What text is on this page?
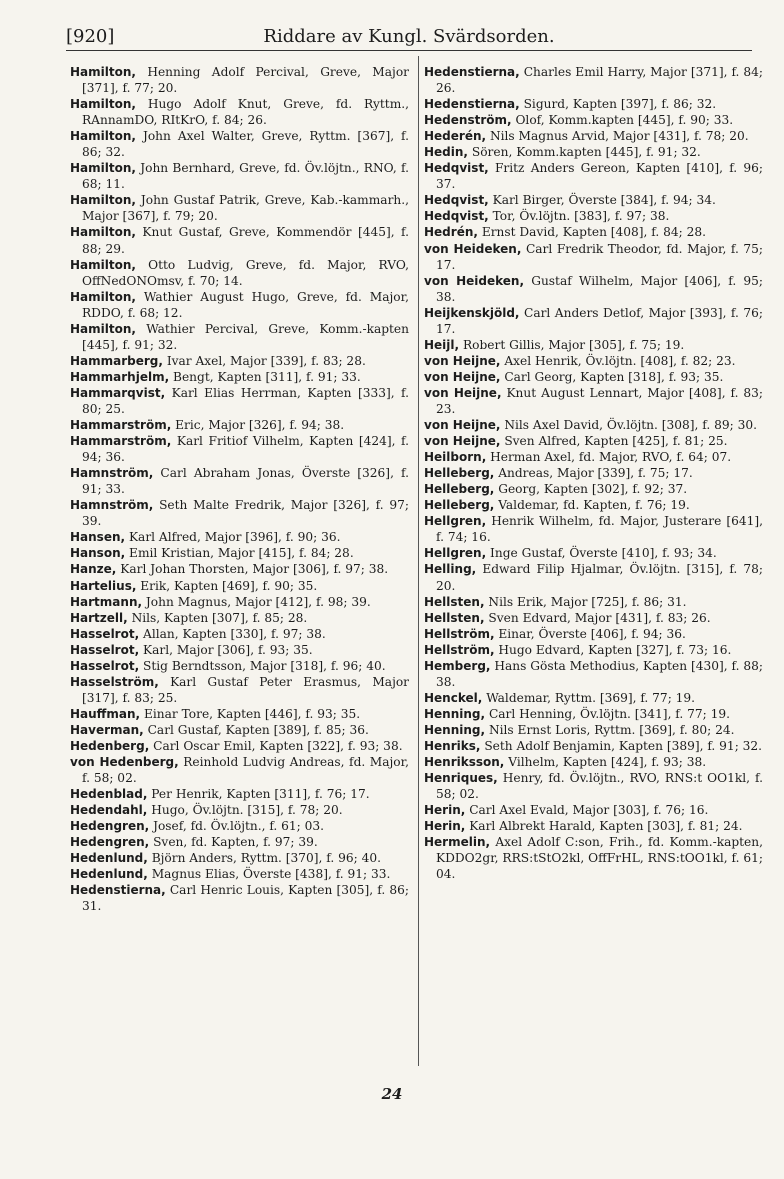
[920]	Riddare av Kungl. Svärdsorden.

Hamilton, Henning Adolf Percival, Greve, Major [371], f. 77; 20.

Hamilton, Hugo Adolf Knut, Greve, fd. Ryttm., RAnnamDO, RItKrO, f. 84; 26.

Hamilton, John Axel Walter, Greve, Ryttm. [367], f. 86; 32.

Hamilton, John Bernhard, Greve, fd. Öv.löjtn., RNO, f. 68; 11.

Hamilton, John Gustaf Patrik, Greve, Kab.-kammarh., Major [367], f. 79; 20.

Hamilton, Knut Gustaf, Greve, Kommendör [445], f. 88; 29.

Hamilton, Otto Ludvig, Greve, fd. Major, RVO, OffNedONOmsv, f. 70; 14.

Hamilton, Wathier August Hugo, Greve, fd. Major, RDDO, f. 68; 12.

Hamilton, Wathier Percival, Greve, Komm.-kapten [445], f. 91; 32.

Hammarberg, Ivar Axel, Major [339], f. 83; 28.

Hammarhjelm, Bengt, Kapten [311], f. 91; 33.

Hammarqvist, Karl Elias Herrman, Kapten [333], f. 80; 25.

Hammarström, Eric, Major [326], f. 94; 38.

Hammarström, Karl Fritiof Vilhelm, Kapten [424], f. 94; 36.

Hamnström, Carl Abraham Jonas, Överste [326], f. 91; 33.

Hamnström, Seth Malte Fredrik, Major [326], f. 97; 39.

Hansen, Karl Alfred, Major [396], f. 90; 36.

Hanson, Emil Kristian, Major [415], f. 84; 28.

Hanze, Karl Johan Thorsten, Major [306], f. 97; 38.

Hartelius, Erik, Kapten [469], f. 90; 35.

Hartmann, John Magnus, Major [412], f. 98; 39.

Hartzell, Nils, Kapten [307], f. 85; 28.

Hasselrot, Allan, Kapten [330], f. 97; 38.

Hasselrot, Karl, Major [306], f. 93; 35.

Hasselrot, Stig Berndtsson, Major [318], f. 96; 40.

Hasselström, Karl Gustaf Peter Erasmus, Major [317], f. 83; 25.

Hauffman, Einar Tore, Kapten [446], f. 93; 35.

Haverman, Carl Gustaf, Kapten [389], f. 85; 36.

Hedenberg, Carl Oscar Emil, Kapten [322], f. 93; 38.

von Hedenberg, Reinhold Ludvig Andreas, fd. Major, f. 58; 02.

Hedenblad, Per Henrik, Kapten [311], f. 76; 17.

Hedendahl, Hugo, Öv.löjtn. [315], f. 78; 20.

Hedengren, Josef, fd. Öv.löjtn., f. 61; 03.

Hedengren, Sven, fd. Kapten, f. 97; 39.

Hedenlund, Björn Anders, Ryttm. [370], f. 96; 40.

Hedenlund, Magnus Elias, Överste [438], f. 91; 33.

Hedenstierna, Carl Henric Louis, Kapten [305], f. 86; 31.

Hedenstierna, Charles Emil Harry, Major [371], f. 84; 26.

Hedenstierna, Sigurd, Kapten [397], f. 86; 32.

Hedenström, Olof, Komm.kapten [445], f. 90; 33.

Hederén, Nils Magnus Arvid, Major [431], f. 78; 20.

Hedin, Sören, Komm.kapten [445], f. 91; 32.

Hedqvist, Fritz Anders Gereon, Kapten [410], f. 96; 37.

Hedqvist, Karl Birger, Överste [384], f. 94; 34.

Hedqvist, Tor, Öv.löjtn. [383], f. 97; 38.

Hedrén, Ernst David, Kapten [408], f. 84; 28.

von Heideken, Carl Fredrik Theodor, fd. Major, f. 75; 17.

von Heideken, Gustaf Wilhelm, Major [406], f. 95; 38.

Heijkenskjöld, Carl Anders Detlof, Major [393], f. 76; 17.

Heijl, Robert Gillis, Major [305], f. 75; 19.

von Heijne, Axel Henrik, Öv.löjtn. [408], f. 82; 23.

von Heijne, Carl Georg, Kapten [318], f. 93; 35.

von Heijne, Knut August Lennart, Major [408], f. 83; 23.

von Heijne, Nils Axel David, Öv.löjtn. [308], f. 89; 30.

von Heijne, Sven Alfred, Kapten [425], f. 81; 25.

Heilborn, Herman Axel, fd. Major, RVO, f. 64; 07.

Helleberg, Andreas, Major [339], f. 75; 17.

Helleberg, Georg, Kapten [302], f. 92; 37.

Helleberg, Valdemar, fd. Kapten, f. 76; 19.

Hellgren, Henrik Wilhelm, fd. Major, Justerare [641], f. 74; 16.

Hellgren, Inge Gustaf, Överste [410], f. 93; 34.

Helling, Edward Filip Hjalmar, Öv.löjtn. [315], f. 78; 20.

Hellsten, Nils Erik, Major [725], f. 86; 31.

Hellsten, Sven Edvard, Major [431], f. 83; 26.

Hellström, Einar, Överste [406], f. 94; 36.

Hellström, Hugo Edvard, Kapten [327], f. 73; 16.

Hemberg, Hans Gösta Methodius, Kapten [430], f. 88; 38.

Henckel, Waldemar, Ryttm. [369], f. 77; 19.

Henning, Carl Henning, Öv.löjtn. [341], f. 77; 19.

Henning, Nils Ernst Loris, Ryttm. [369], f. 80; 24.

Henriks, Seth Adolf Benjamin, Kapten [389], f. 91; 32.

Henriksson, Vilhelm, Kapten [424], f. 93; 38.

Henriques, Henry, fd. Öv.löjtn., RVO, RNS:t OO1kl, f. 58; 02.

Herin, Carl Axel Evald, Major [303], f. 76; 16.

Herin, Karl Albrekt Harald, Kapten [303], f. 81; 24.

Hermelin, Axel Adolf C:son, Frih., fd. Komm.-kapten, KDDO2gr, RRS:tStO2kl, OffFrHL, RNS:tOO1kl, f. 61; 04.

24
